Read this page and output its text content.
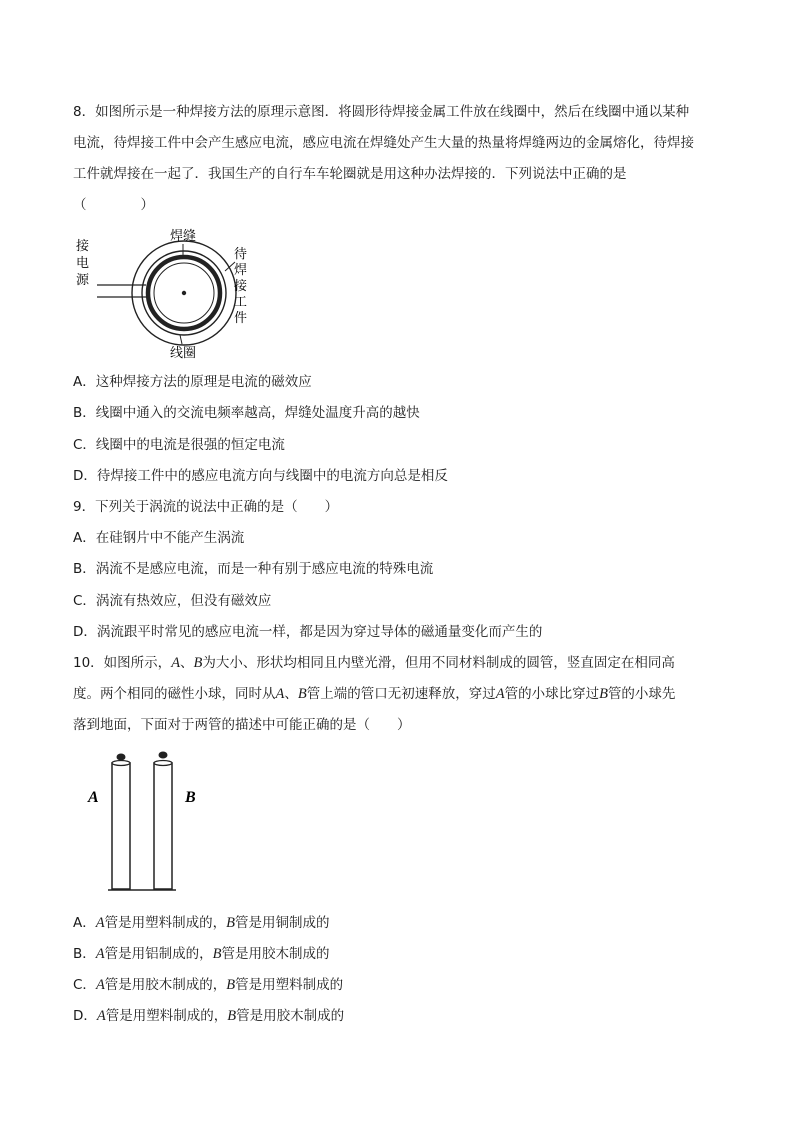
8．如图所示是一种焊接方法的原理示意图．将圆形待焊接金属工件放在线圈中，然后在线圈中通以某种
电流，待焊接工件中会产生感应电流，感应电流在焊缝处产生大量的热量将焊缝两边的金属熔化，待焊接
工件就焊接在一起了．我国生产的自行车车轮圈就是用这种办法焊接的．下列说法中正确的是
（　　　　）
焊缝
接
电
源
待
焊
接
工
件
线圈
A．这种焊接方法的原理是电流的磁效应
B．线圈中通入的交流电频率越高，焊缝处温度升高的越快
C．线圈中的电流是很强的恒定电流
D．待焊接工件中的感应电流方向与线圈中的电流方向总是相反
9．下列关于涡流的说法中正确的是（　　）
A．在硅钢片中不能产生涡流
B．涡流不是感应电流，而是一种有别于感应电流的特殊电流
C．涡流有热效应，但没有磁效应
D．涡流跟平时常见的感应电流一样，都是因为穿过导体的磁通量变化而产生的
10．如图所示，A、B为大小、形状均相同且内壁光滑，但用不同材料制成的圆管，竖直固定在相同高
度。两个相同的磁性小球，同时从A、B管上端的管口无初速释放，穿过A管的小球比穿过B管的小球先
落到地面，下面对于两管的描述中可能正确的是（　　）
A	B
A．A管是用塑料制成的，B管是用铜制成的
B．A管是用铝制成的，B管是用胶木制成的
C．A管是用胶木制成的，B管是用塑料制成的
D．A管是用塑料制成的，B管是用胶木制成的
